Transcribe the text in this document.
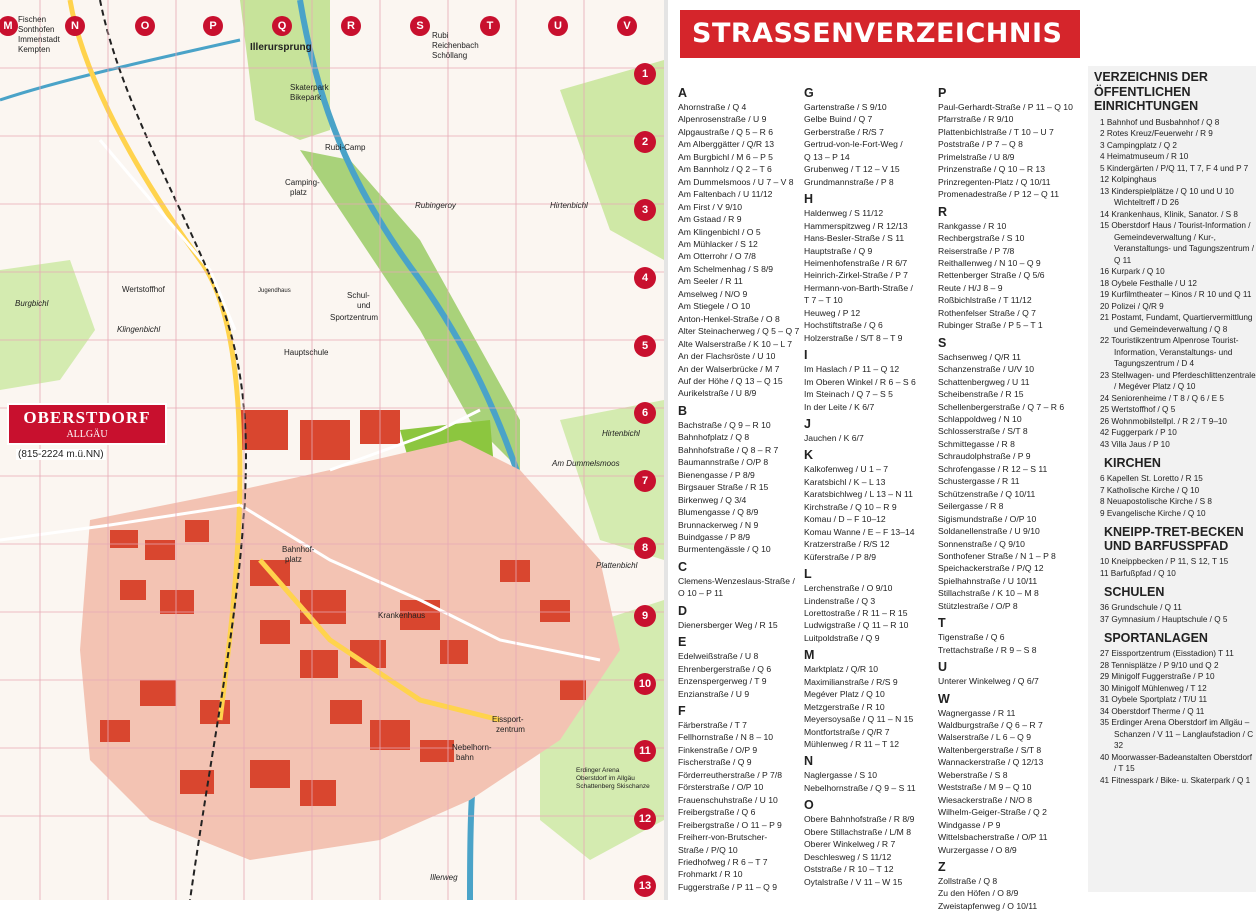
M	N	O	P	Q	R	S	T	U	V
1
2
3
4
5
6
7
8
9
10
11
12
13
Fischen
Sonthofen
Immenstadt
Kempten	Illerursprung
Rubi
Reichenbach
Schöllang
Skaterpark
Bikepark
Rubi-Camp
Camping-
platz
Rubingeroy	Hirtenbichl
Wertstoffhof
Burgbichl
Klingenbichl
Schul-
und
Sportzentrum
Hauptschule
Jugendhaus
Am Dummelsmoos
Hirtenbichl
Plattenbichl
Bahnhof-
platz
Krankenhaus
Eissport-
zentrum
Nebelhorn-
bahn
Erdinger Arena
Oberstdorf im Allgäu
Schattenberg Skischanze
Illerweg
OBERSTDORF
ALLGÄU
(815-2224 m.ü.NN)
STRASSENVERZEICHNIS
A
Ahornstraße / Q 4
Alpenrosenstraße / U 9
Alpgaustraße / Q 5 – R 6
Am Alberggätter / Q/R 13
Am Burgbichl / M 6 – P 5
Am Bannholz / Q 2 – T 6
Am Dummelsmoos / U 7 – V 8
Am Faltenbach / U 11/12
Am First / V 9/10
Am Gstaad / R 9
Am Klingenbichl / O 5
Am Mühlacker / S 12
Am Otterrohr / O 7/8
Am Schelmenhag / S 8/9
Am Seeler / R 11
Amselweg / N/O 9
Am Stiegele / O 10
Anton-Henkel-Straße / O 8
Alter Steinacherweg / Q 5 – Q 7
Alte Walserstraße / K 10 – L 7
An der Flachsröste / U 10
An der Walserbrücke / M 7
Auf der Höhe / Q 13 – Q 15
Aurikelstraße / U 8/9
B
Bachstraße / Q 9 – R 10
Bahnhofplatz / Q 8
Bahnhofstraße / Q 8 – R 7
Baumannstraße / O/P 8
Bienengasse / P 8/9
Birgsauer Straße / R 15
Birkenweg / Q 3/4
Blumengasse / Q 8/9
Brunnackerweg / N 9
Buindgasse / P 8/9
Burmentengässle / Q 10
C
Clemens-Wenzeslaus-Straße /
O 10 – P 11
D
Dienersberger Weg / R 15
E
Edelweißstraße / U 8
Ehrenbergerstraße / Q 6
Enzenspergerweg / T 9
Enzianstraße / U 9
F
Färberstraße / T 7
Fellhornstraße / N 8 – 10
Finkenstraße / O/P 9
Fischerstraße / Q 9
Förderreutherstraße / P 7/8
Försterstraße / O/P 10
Frauenschuhstraße / U 10
Freibergstraße / Q 6
Freibergstraße / O 11 – P 9
Freiherr-von-Brutscher-
Straße / P/Q 10
Friedhofweg / R 6 – T 7
Frohmarkt / R 10
Fuggerstraße / P 11 – Q 9
G
Gartenstraße / S 9/10
Gelbe Buind / Q 7
Gerberstraße / R/S 7
Gertrud-von-le-Fort-Weg /
Q 13 – P 14
Grubenweg / T 12 – V 15
Grundmannstraße / P 8
H
Haldenweg / S 11/12
Hammerspitzweg / R 12/13
Hans-Besler-Straße / S 11
Hauptstraße / Q 9
Heimenhofenstraße / R 6/7
Heinrich-Zirkel-Straße / P 7
Hermann-von-Barth-Straße /
T 7 – T 10
Heuweg / P 12
Hochstiftstraße / Q 6
Holzerstraße / S/T 8 – T 9
I
Im Haslach / P 11 – Q 12
Im Oberen Winkel / R 6 – S 6
Im Steinach / Q 7 – S 5
In der Leite / K 6/7
J
Jauchen / K 6/7
K
Kalkofenweg / U 1 – 7
Karatsbichl / K – L 13
Karatsbichlweg / L 13 – N 11
Kirchstraße / Q 10 – R 9
Komau / D – F 10–12
Komau Wanne / E – F 13–14
Kratzerstraße / R/S 12
Küferstraße / P 8/9
L
Lerchenstraße / O 9/10
Lindenstraße / Q 3
Lorettostraße / R 11 – R 15
Ludwigstraße / Q 11 – R 10
Luitpoldstraße / Q 9
M
Marktplatz / Q/R 10
Maximilianstraße / R/S 9
Megéver Platz / Q 10
Metzgerstraße / R 10
Meyersoysaße / Q 11 – N 15
Montfortstraße / Q/R 7
Mühlenweg / R 11 – T 12
N
Naglergasse / S 10
Nebelhornstraße / Q 9 – S 11
O
Obere Bahnhofstraße / R 8/9
Obere Stillachstraße / L/M 8
Oberer Winkelweg / R 7
Deschlesweg / S 11/12
Oststraße / R 10 – T 12
Oytalstraße / V 11 – W 15
P
Paul-Gerhardt-Straße / P 11 – Q 10
Pfarrstraße / R 9/10
Plattenbichlstraße / T 10 – U 7
Poststraße / P 7 – Q 8
Primelstraße / U 8/9
Prinzenstraße / Q 10 – R 13
Prinzregenten-Platz / Q 10/11
Promenadestraße / P 12 – Q 11
R
Rankgasse / R 10
Rechbergstraße / S 10
Reiserstraße / P 7/8
Reithallenweg / N 10 – Q 9
Rettenberger Straße / Q 5/6
Reute / H/J 8 – 9
Roßbichlstraße / T 11/12
Rothenfelser Straße / Q 7
Rubinger Straße / P 5 – T 1
S
Sachsenweg / Q/R 11
Schanzenstraße / U/V 10
Schattenbergweg / U 11
Scheibenstraße / R 15
Schellenbergerstraße / Q 7 – R 6
Schlappoldweg / N 10
Schlosserstraße / S/T 8
Schmittegasse / R 8
Schraudolphstraße / P 9
Schrofengasse / R 12 – S 11
Schustergasse / R 11
Schützenstraße / Q 10/11
Seilergasse / R 8
Sigismundstraße / O/P 10
Soldanellenstraße / U 9/10
Sonnenstraße / Q 9/10
Sonthofener Straße / N 1 – P 8
Speichackerstraße / P/Q 12
Spielhahnstraße / U 10/11
Stillachstraße / K 10 – M 8
Stützlestraße / O/P 8
T
Tigenstraße / Q 6
Trettachstraße / R 9 – S 8
U
Unterer Winkelweg / Q 6/7
W
Wagnergasse / R 11
Waldburgstraße / Q 6 – R 7
Walserstraße / L 6 – Q 9
Waltenbergerstraße / S/T 8
Wannackerstraße / Q 12/13
Weberstraße / S 8
Weststraße / M 9 – Q 10
Wiesackerstraße / N/O 8
Wilhelm-Geiger-Straße / Q 2
Windgasse / P 9
Wittelsbacherstraße / O/P 11
Wurzergasse / O 8/9
Z
Zollstraße / Q 8
Zu den Höfen / O 8/9
Zweistapfenweg / O 10/11
VERZEICHNIS DER ÖFFENTLICHEN EINRICHTUNGEN
1 Bahnhof und Busbahnhof / Q 8
2 Rotes Kreuz/Feuerwehr / R 9
3 Campingplatz / Q 2
4 Heimatmuseum / R 10
5 Kindergärten / P/Q 11, T 7, F 4 und P 7
12 Kolpinghaus
13 Kinderspielplätze / Q 10 und U 10 Wichteltreff / D 26
14 Krankenhaus, Klinik, Sanator. / S 8
15 Oberstdorf Haus / Tourist-Information / Gemeindeverwaltung / Kur-, Veranstaltungs- und Tagungszentrum / Q 11
16 Kurpark / Q 10
18 Oybele Festhalle / U 12
19 Kurfilmtheater – Kinos / R 10 und Q 11
20 Polizei / Q/R 9
21 Postamt, Fundamt, Quartiervermittlung und Gemeindeverwaltung / Q 8
22 Touristikzentrum Alpenrose Tourist-Information, Veranstaltungs- und Tagungszentrum / D 4
23 Stellwagen- und Pferdeschlittenzentrale / Megéver Platz / Q 10
24 Seniorenheime / T 8 / Q 6 / E 5
25 Wertstoffhof / Q 5
26 Wohnmobilstellpl. / R 2 / T 9–10
42 Fuggerpark / P 10
43 Villa Jaus / P 10
KIRCHEN
6 Kapellen St. Loretto / R 15
7 Katholische Kirche / Q 10
8 Neuapostolische Kirche / S 8
9 Evangelische Kirche / Q 10
KNEIPP-TRET-BECKEN UND BARFUSSPFAD
10 Kneippbecken / P 11, S 12, T 15
11 Barfußpfad / Q 10
SCHULEN
36 Grundschule / Q 11
37 Gymnasium / Hauptschule / Q 5
SPORTANLAGEN
27 Eissportzentrum (Eisstadion) T 11
28 Tennisplätze / P 9/10 und Q 2
29 Minigolf Fuggerstraße / P 10
30 Minigolf Mühlenweg / T 12
31 Oybele Sportplatz / T/U 11
34 Oberstdorf Therme / Q 11
35 Erdinger Arena Oberstdorf im Allgäu – Schanzen / V 11 – Langlaufstadion / C 32
40 Moorwasser-Badeanstalten Oberstdorf / T 15
41 Fitnesspark / Bike- u. Skaterpark / Q 1
